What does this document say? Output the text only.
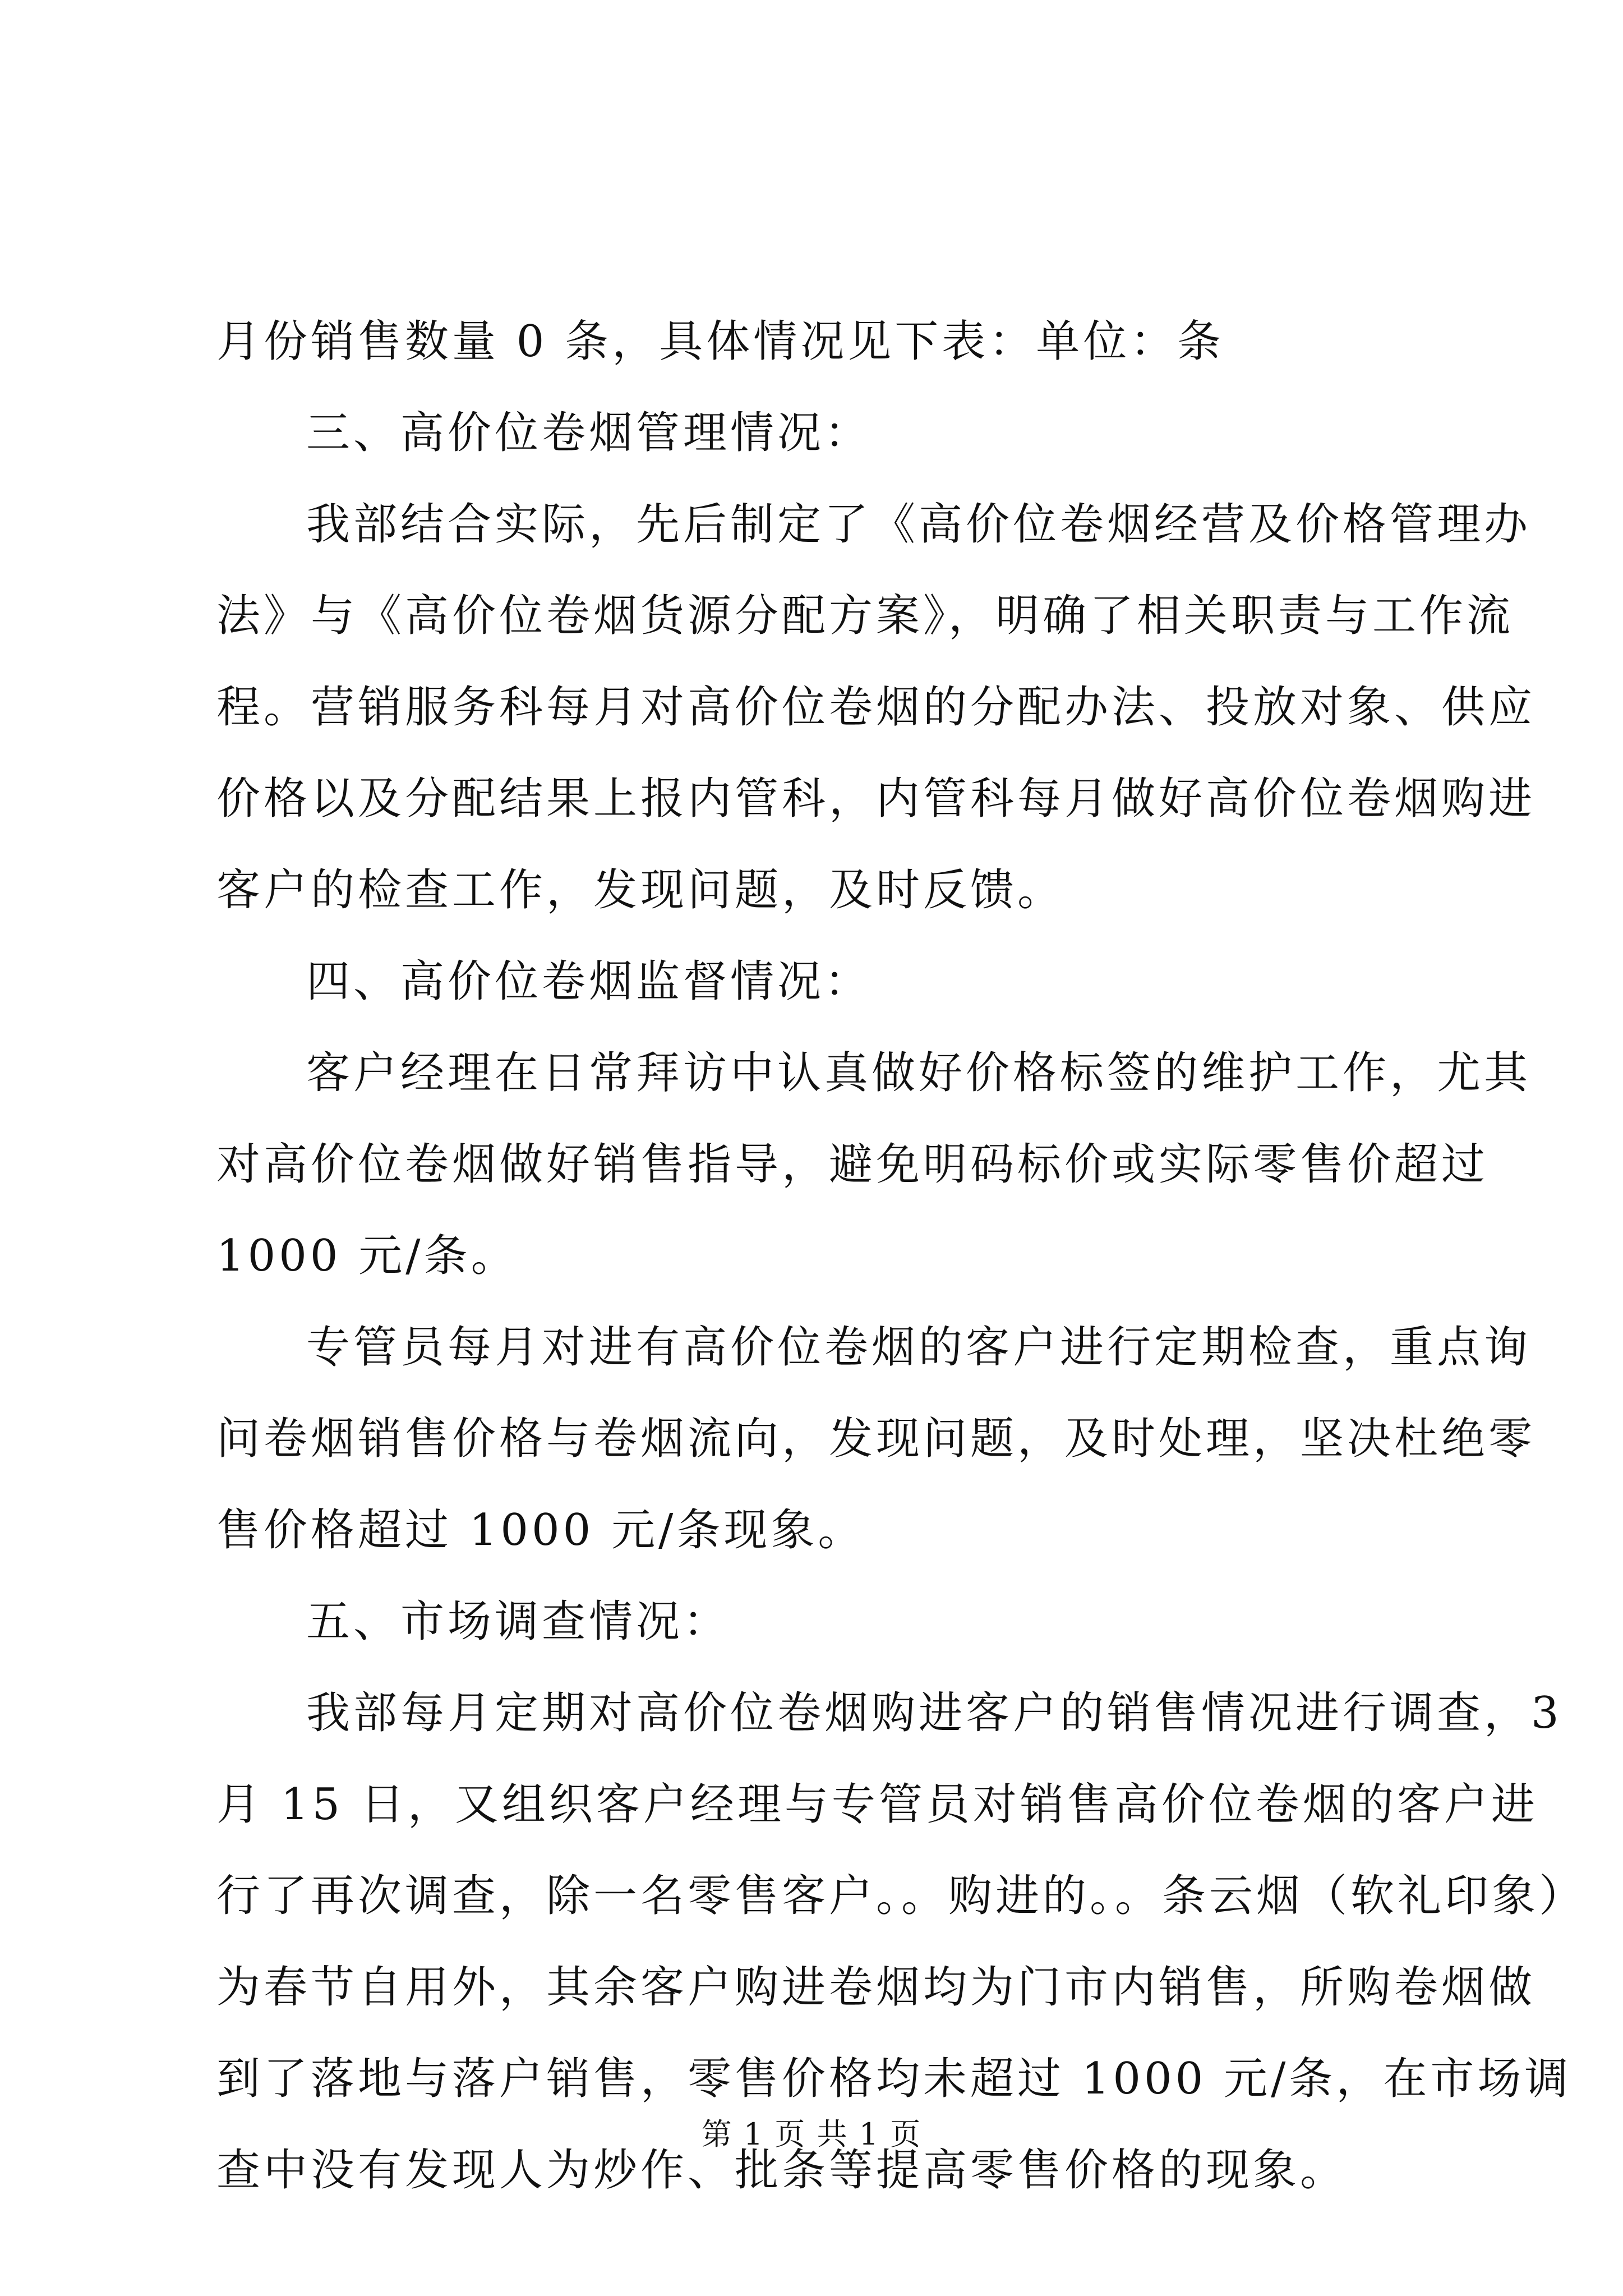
月份销售数量 0 条，具体情况见下表：单位：条
三、高价位卷烟管理情况：
我部结合实际，先后制定了《高价位卷烟经营及价格管理办
法》与《高价位卷烟货源分配方案》，明确了相关职责与工作流
程。营销服务科每月对高价位卷烟的分配办法、投放对象、供应
价格以及分配结果上报内管科，内管科每月做好高价位卷烟购进
客户的检查工作，发现问题，及时反馈。
四、高价位卷烟监督情况：
客户经理在日常拜访中认真做好价格标签的维护工作，尤其
对高价位卷烟做好销售指导，避免明码标价或实际零售价超过
1000 元/条。
专管员每月对进有高价位卷烟的客户进行定期检查，重点询
问卷烟销售价格与卷烟流向，发现问题，及时处理，坚决杜绝零
售价格超过 1000 元/条现象。
五、市场调查情况：
我部每月定期对高价位卷烟购进客户的销售情况进行调查，3
月 15 日，又组织客户经理与专管员对销售高价位卷烟的客户进
行了再次调查，除一名零售客户。。购进的。。条云烟（软礼印象）
为春节自用外，其余客户购进卷烟均为门市内销售，所购卷烟做
到了落地与落户销售，零售价格均未超过 1000 元/条，在市场调
查中没有发现人为炒作、批条等提高零售价格的现象。
第 1 页 共 1 页
